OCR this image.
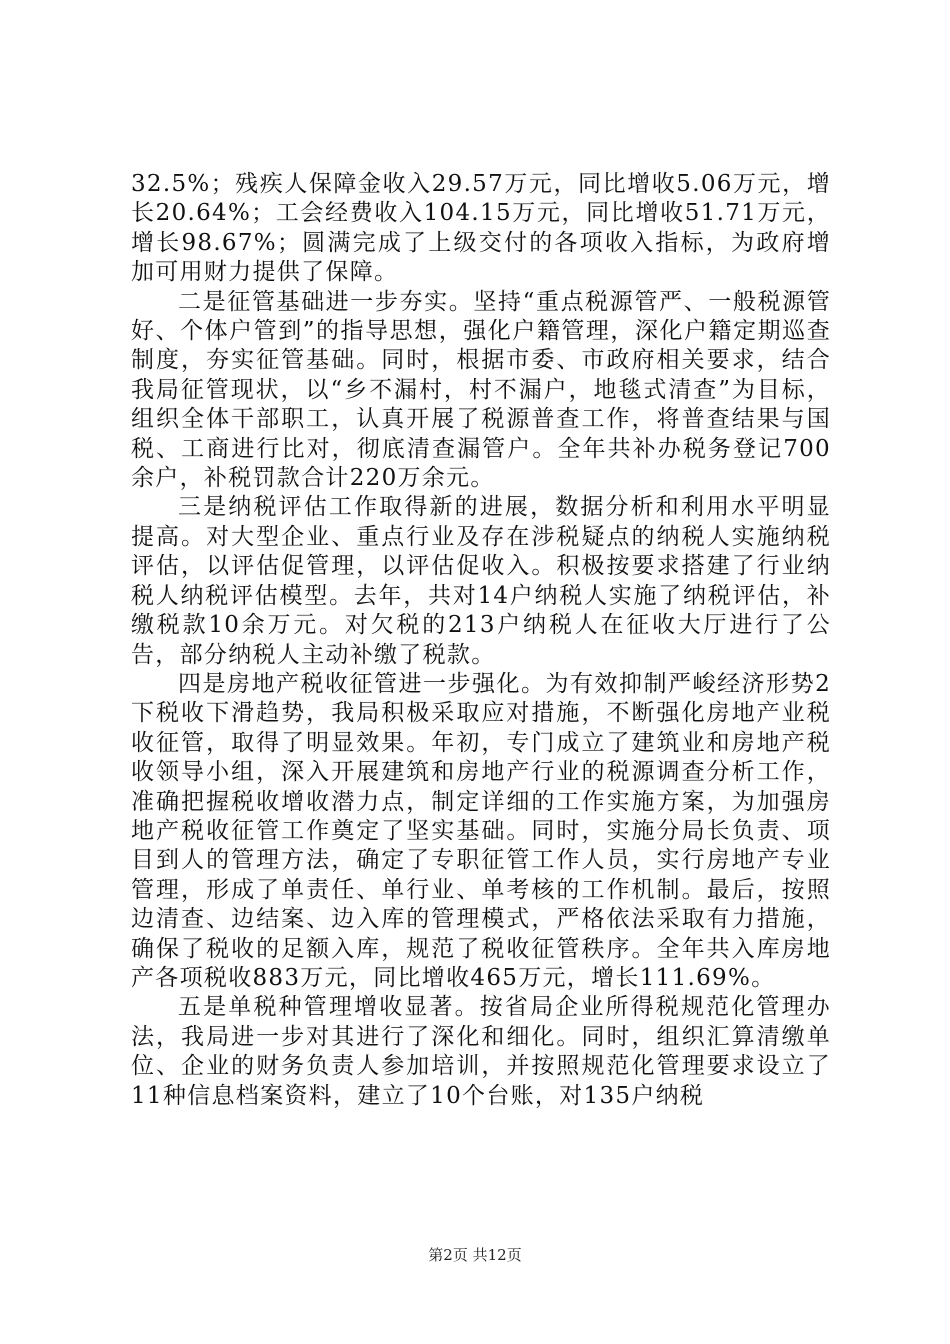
32.5%；残疾人保障金收入29.57万元，同比增收5.06万元，增长20.64%；工会经费收入104.15万元，同比增收51.71万元，增长98.67%；圆满完成了上级交付的各项收入指标，为政府增加可用财力提供了保障。

二是征管基础进一步夯实。坚持“重点税源管严、一般税源管好、个体户管到”的指导思想，强化户籍管理，深化户籍定期巡查制度，夯实征管基础。同时，根据市委、市政府相关要求，结合我局征管现状，以“乡不漏村，村不漏户，地毯式清查”为目标，组织全体干部职工，认真开展了税源普查工作，将普查结果与国税、工商进行比对，彻底清查漏管户。全年共补办税务登记700余户，补税罚款合计220万余元。

三是纳税评估工作取得新的进展，数据分析和利用水平明显提高。对大型企业、重点行业及存在涉税疑点的纳税人实施纳税评估，以评估促管理，以评估促收入。积极按要求搭建了行业纳税人纳税评估模型。去年，共对14户纳税人实施了纳税评估，补缴税款10余万元。对欠税的213户纳税人在征收大厅进行了公告，部分纳税人主动补缴了税款。

四是房地产税收征管进一步强化。为有效抑制严峻经济形势2下税收下滑趋势，我局积极采取应对措施，不断强化房地产业税收征管，取得了明显效果。年初，专门成立了建筑业和房地产税收领导小组，深入开展建筑和房地产行业的税源调查分析工作，准确把握税收增收潜力点，制定详细的工作实施方案，为加强房地产税收征管工作奠定了坚实基础。同时，实施分局长负责、项目到人的管理方法，确定了专职征管工作人员，实行房地产专业管理，形成了单责任、单行业、单考核的工作机制。最后，按照边清查、边结案、边入库的管理模式，严格依法采取有力措施，确保了税收的足额入库，规范了税收征管秩序。全年共入库房地产各项税收883万元，同比增收465万元，增长111.69%。

五是单税种管理增收显著。按省局企业所得税规范化管理办法，我局进一步对其进行了深化和细化。同时，组织汇算清缴单位、企业的财务负责人参加培训，并按照规范化管理要求设立了11种信息档案资料，建立了10个台账，对135户纳税

第2页 共12页
